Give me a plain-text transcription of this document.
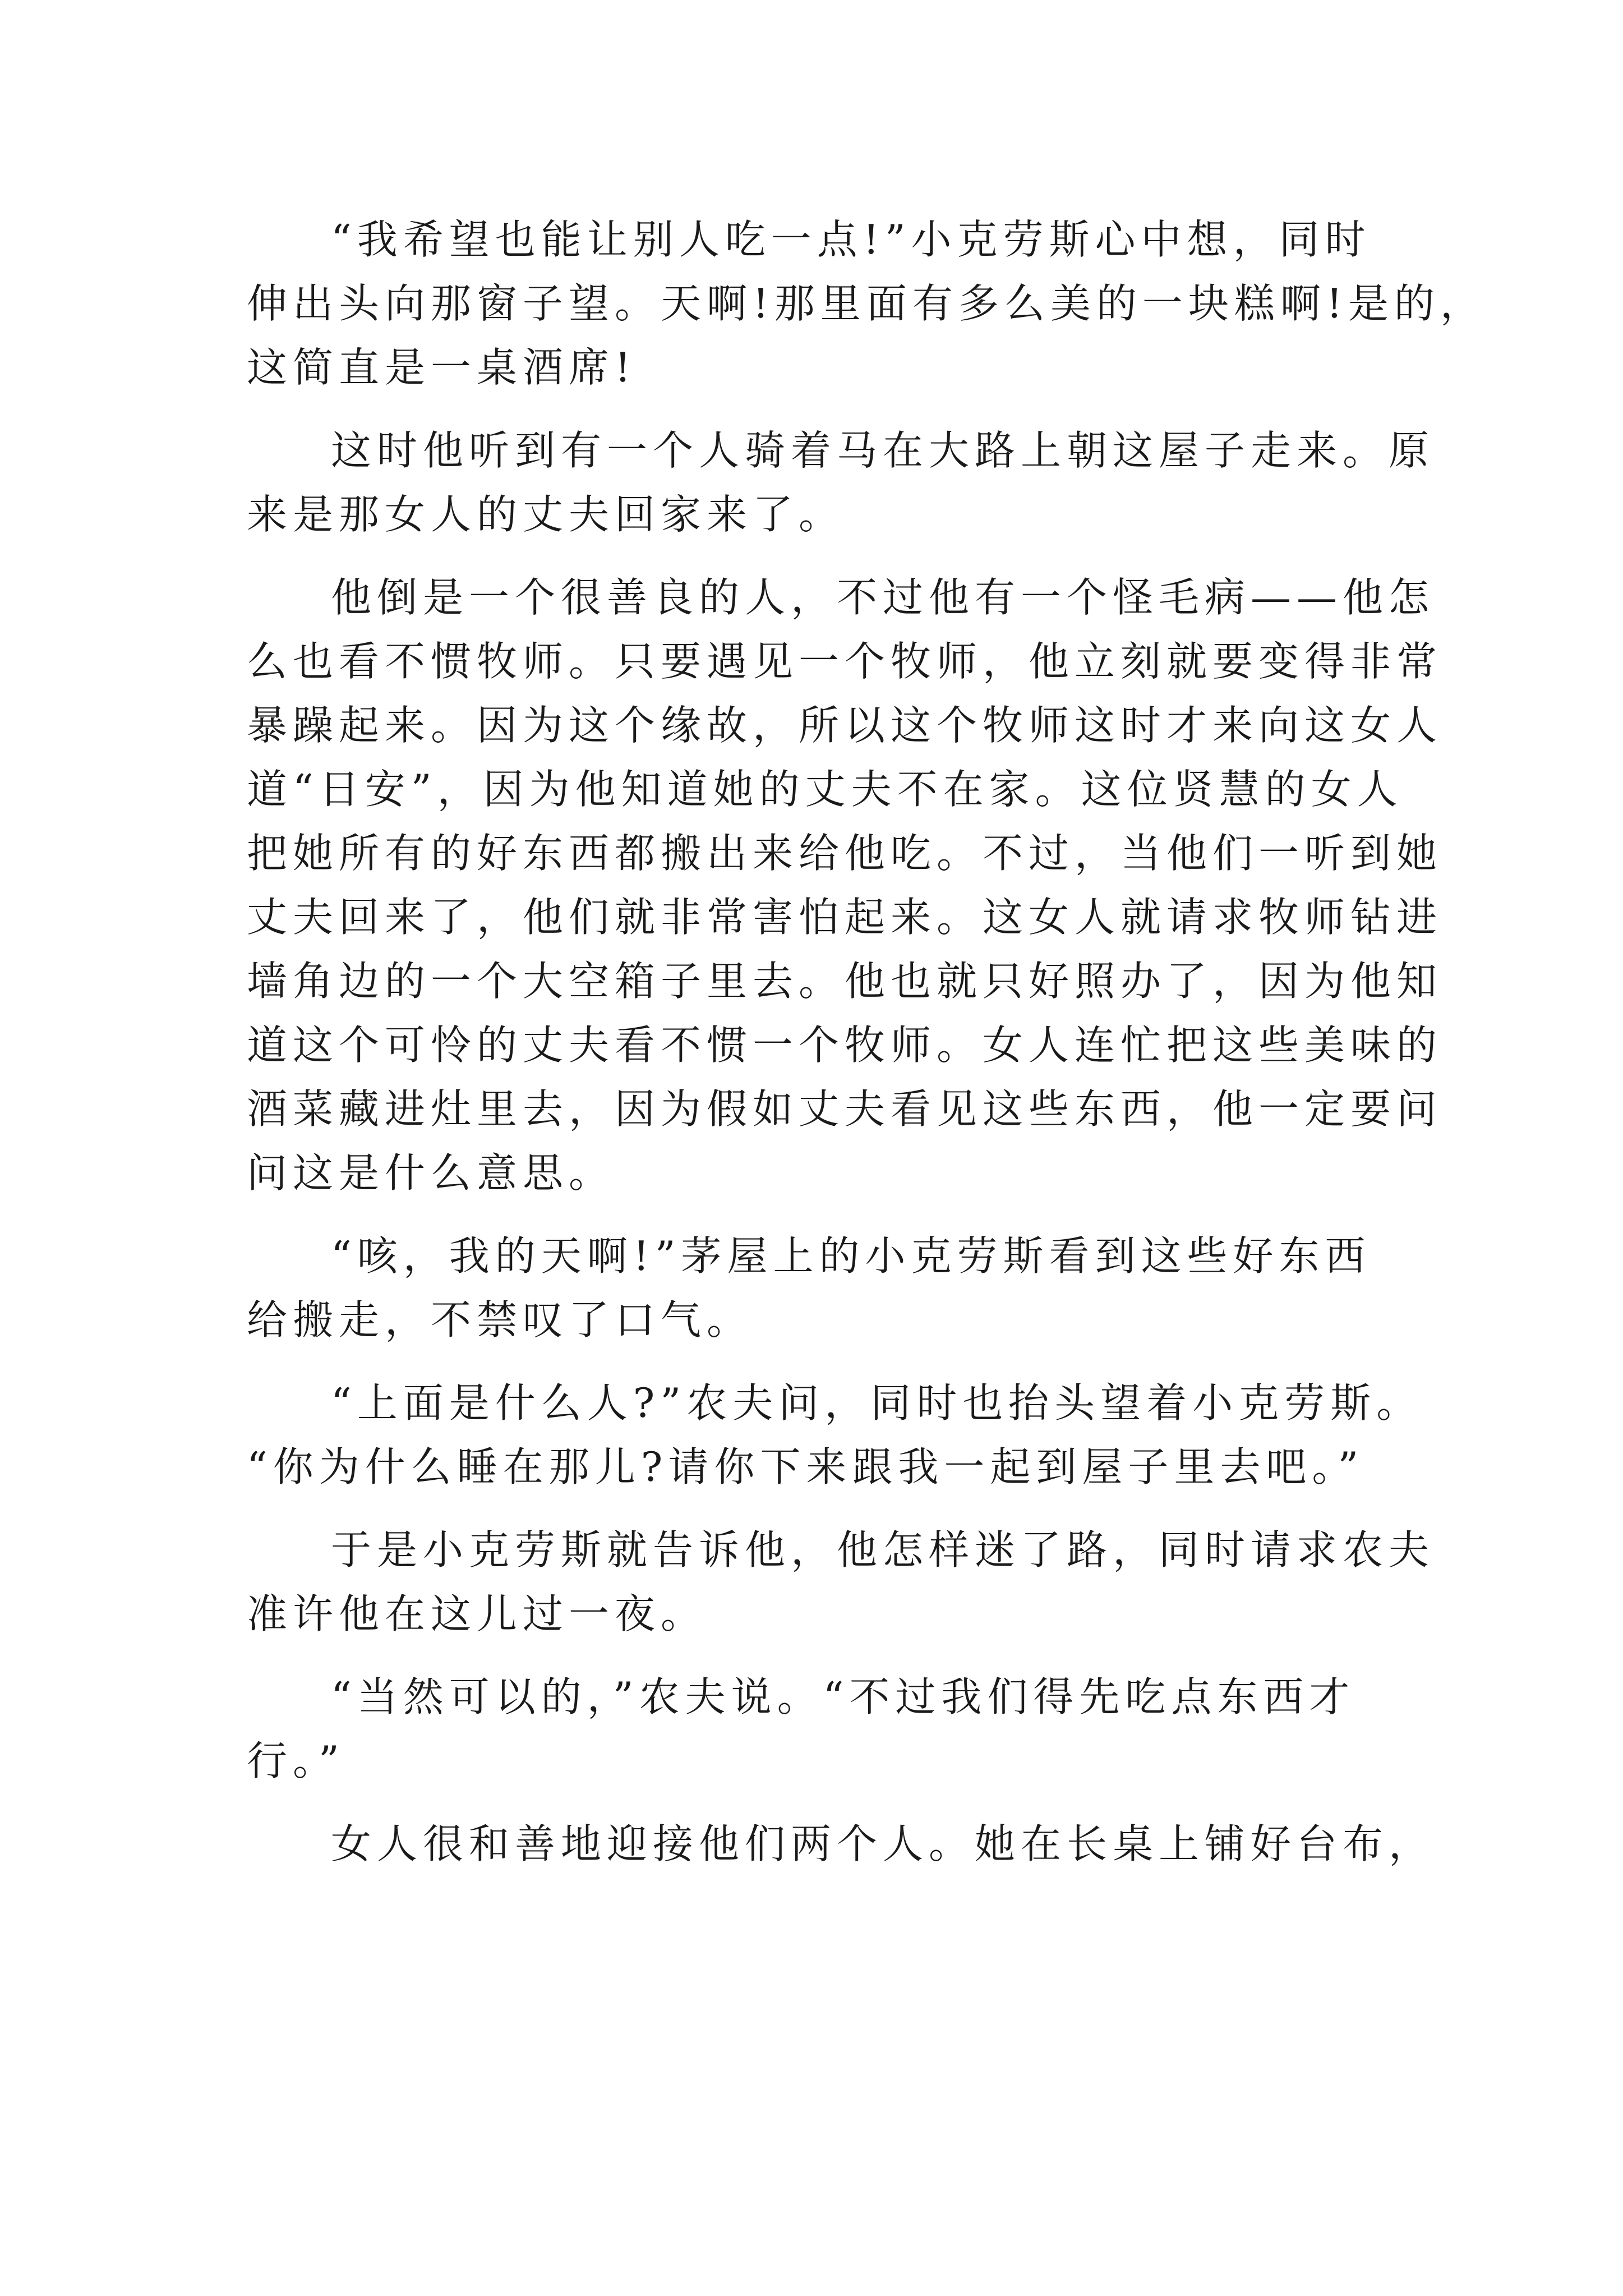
“我希望也能让别人吃一点!”小克劳斯心中想，同时
伸出头向那窗子望。天啊!那里面有多么美的一块糕啊!是的，
这简直是一桌酒席!
这时他听到有一个人骑着马在大路上朝这屋子走来。原
来是那女人的丈夫回家来了。
他倒是一个很善良的人，不过他有一个怪毛病——他怎
么也看不惯牧师。只要遇见一个牧师，他立刻就要变得非常
暴躁起来。因为这个缘故，所以这个牧师这时才来向这女人
道“日安”，因为他知道她的丈夫不在家。这位贤慧的女人
把她所有的好东西都搬出来给他吃。不过，当他们一听到她
丈夫回来了，他们就非常害怕起来。这女人就请求牧师钻进
墙角边的一个大空箱子里去。他也就只好照办了，因为他知
道这个可怜的丈夫看不惯一个牧师。女人连忙把这些美味的
酒菜藏进灶里去，因为假如丈夫看见这些东西，他一定要问
问这是什么意思。
“咳，我的天啊!”茅屋上的小克劳斯看到这些好东西
给搬走，不禁叹了口气。
“上面是什么人?”农夫问，同时也抬头望着小克劳斯。
“你为什么睡在那儿?请你下来跟我一起到屋子里去吧。”
于是小克劳斯就告诉他，他怎样迷了路，同时请求农夫
准许他在这儿过一夜。
“当然可以的，”农夫说。“不过我们得先吃点东西才
行。”
女人很和善地迎接他们两个人。她在长桌上铺好台布，
